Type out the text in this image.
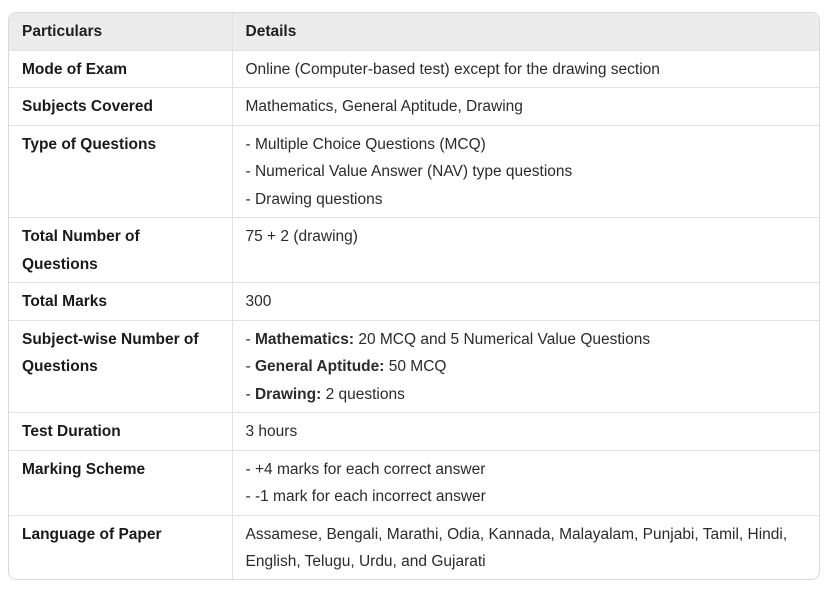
Particulars	Details
Mode of Exam	Online (Computer-based test) except for the drawing section

Subjects Covered	Mathematics, General Aptitude, Drawing

Type of Questions	- Multiple Choice Questions (MCQ)
- Numerical Value Answer (NAV) type questions
- Drawing questions

Total Number of Questions	75 + 2 (drawing)

Total Marks	300

Subject-wise Number of Questions	- Mathematics: 20 MCQ and 5 Numerical Value Questions
- General Aptitude: 50 MCQ
- Drawing: 2 questions

Test Duration	3 hours

Marking Scheme	- +4 marks for each correct answer
- -1 mark for each incorrect answer

Language of Paper	Assamese, Bengali, Marathi, Odia, Kannada, Malayalam, Punjabi, Tamil, Hindi, English, Telugu, Urdu, and Gujarati
